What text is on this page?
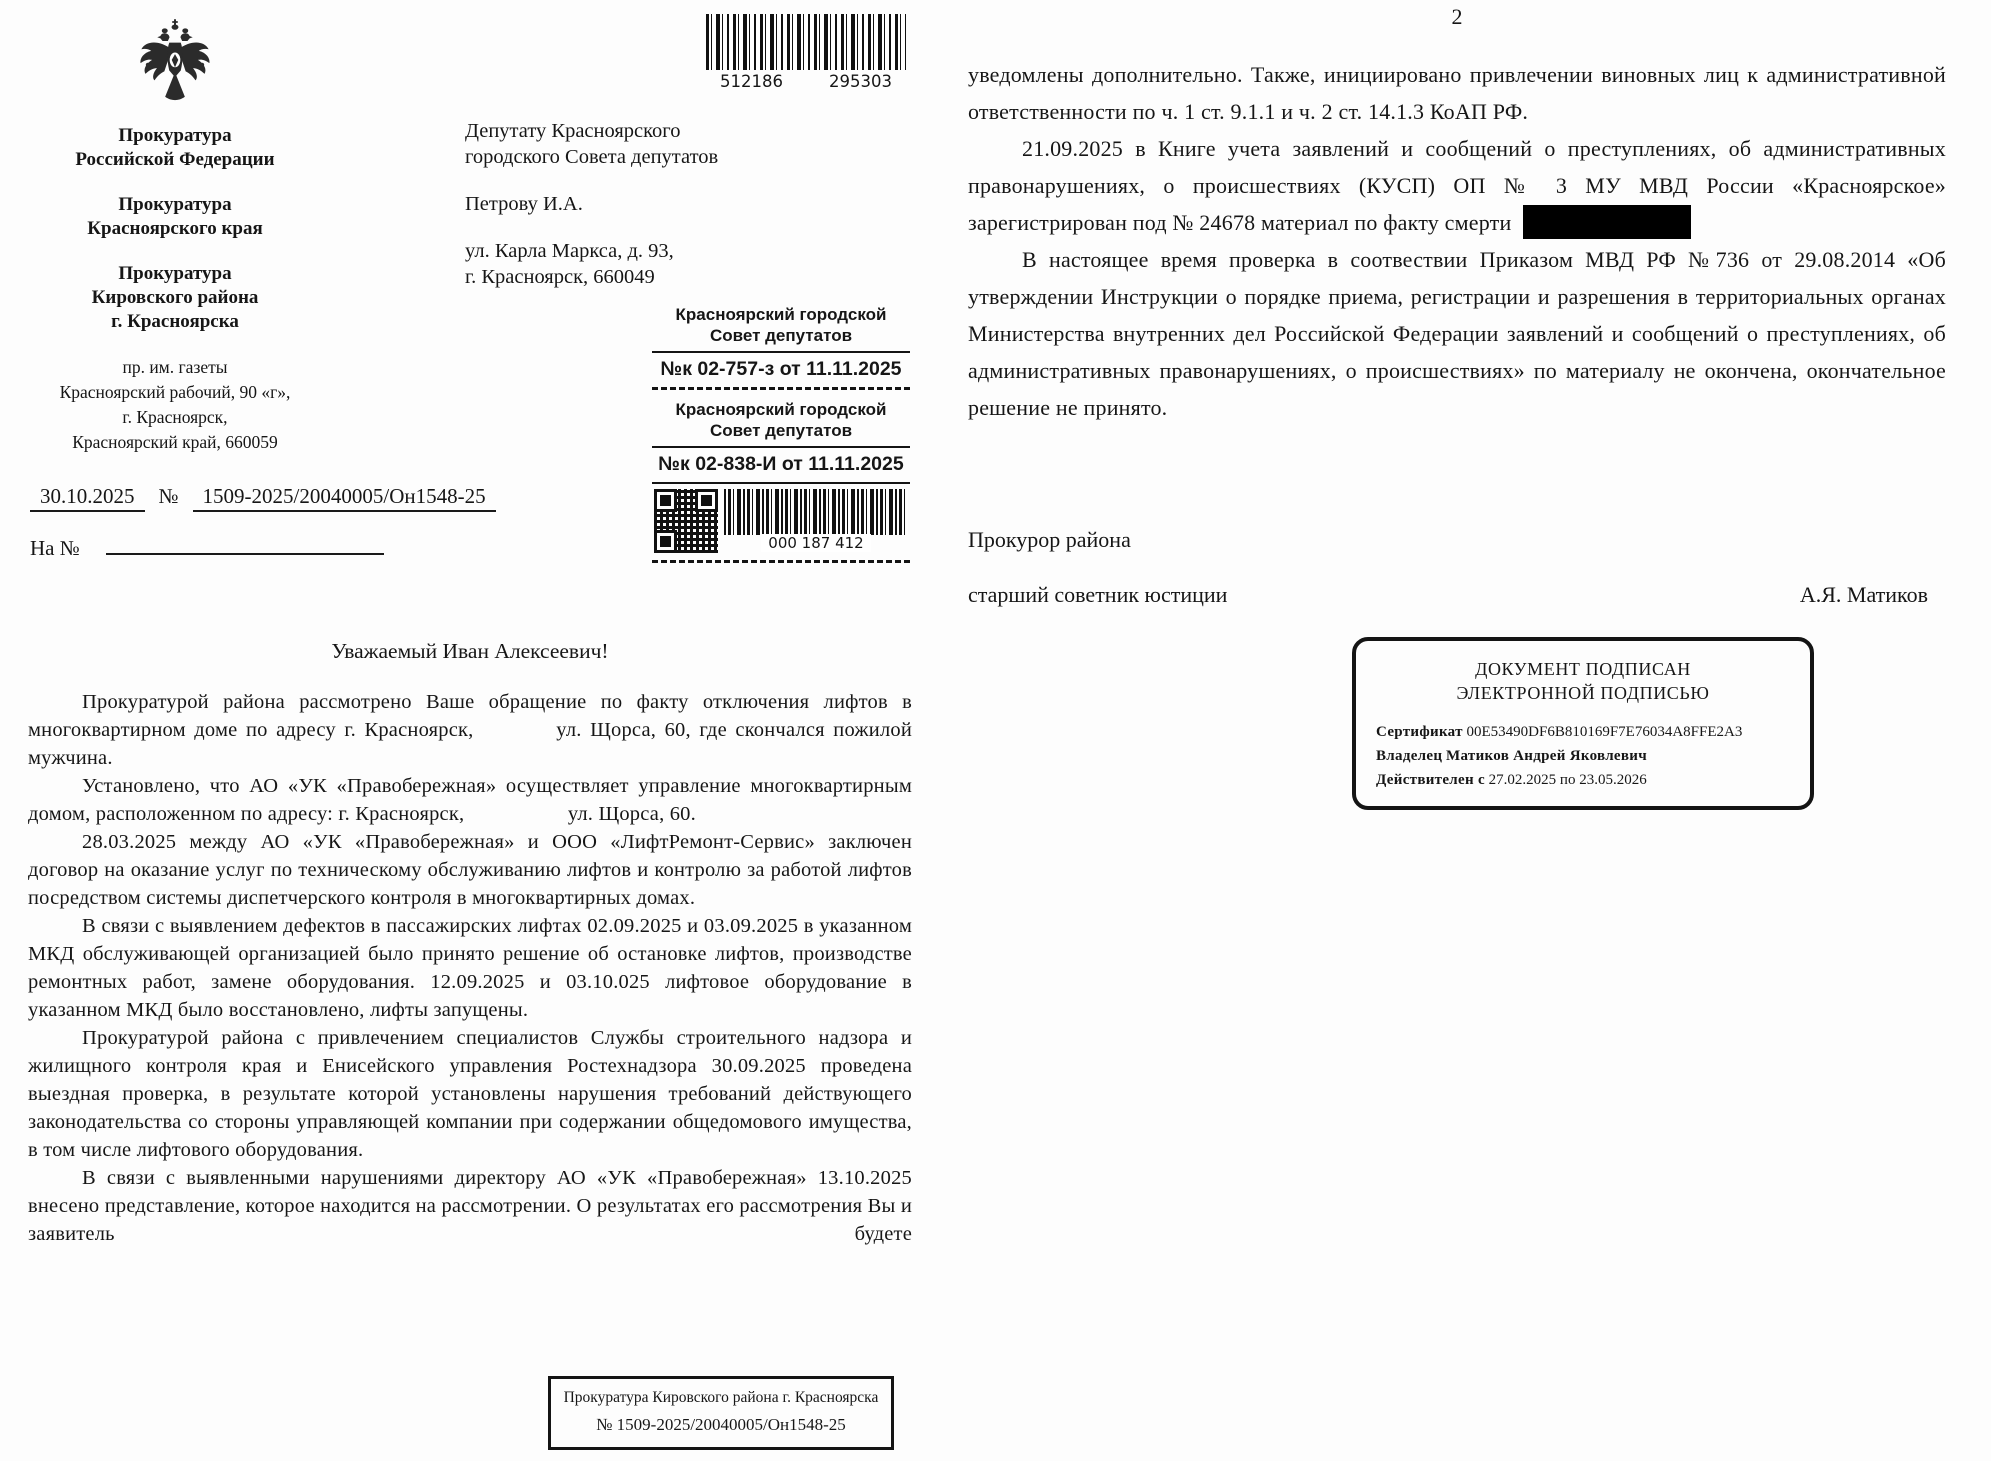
Прокуратура
Российской Федерации
Прокуратура
Красноярского края
Прокуратура
Кировского района
г. Красноярска
пр. им. газеты
Красноярский рабочий, 90 «г»,
г. Красноярск,
Красноярский край, 660059
30.10.2025 № 1509-2025/20040005/Он1548-25
На №
Депутату Красноярского
городского Совета депутатов
Петрову И.А.
ул. Карла Маркса, д. 93,
г. Красноярск, 660049
512186	295303
Красноярский городской
Совет депутатов
№к 02-757-з от 11.11.2025
Красноярский городской
Совет депутатов
№к 02-838-И от 11.11.2025
000 187 412
Уважаемый Иван Алексеевич!

Прокуратурой района рассмотрено Ваше обращение по факту отключения лифтов в многоквартирном доме по адресу г. Красноярск,    ул. Щорса, 60, где скончался пожилой мужчина.

Установлено, что АО «УК «Правобережная» осуществляет управление многоквартирным домом, расположенном по адресу: г. Красноярск,     ул. Щорса, 60.

28.03.2025 между АО «УК «Правобережная» и ООО «ЛифтРемонт-Сервис» заключен договор на оказание услуг по техническому обслуживанию лифтов и контролю за работой лифтов посредством системы диспетчерского контроля в многоквартирных домах.

В связи с выявлением дефектов в пассажирских лифтах 02.09.2025 и 03.09.2025 в указанном МКД обслуживающей организацией было принято решение об остановке лифтов, производстве ремонтных работ, замене оборудования. 12.09.2025 и 03.10.025 лифтовое оборудование в указанном МКД было восстановлено, лифты запущены.

Прокуратурой района с привлечением специалистов Службы строительного надзора и жилищного контроля края и Енисейского управления Ростехнадзора 30.09.2025 проведена выездная проверка, в результате которой установлены нарушения требований действующего законодательства со стороны управляющей компании при содержании общедомового имущества, в том числе лифтового оборудования.

В связи с выявленными нарушениями директору АО «УК «Правобережная» 13.10.2025 внесено представление, которое находится на рассмотрении. О результатах его рассмотрения Вы и заявитель будете

Прокуратура Кировского района г. Красноярска
№ 1509-2025/20040005/Он1548-25
2

уведомлены дополнительно. Также, инициировано привлечении виновных лиц к административной ответственности по ч. 1 ст. 9.1.1 и ч. 2 ст. 14.1.3 КоАП РФ.

21.09.2025 в Книге учета заявлений и сообщений о преступлениях, об административных правонарушениях, о происшествиях (КУСП) ОП № 3 МУ МВД России «Красноярское» зарегистрирован под № 24678 материал по факту смерти

В настоящее время проверка в соотвествии Приказом МВД РФ №736 от 29.08.2014 «Об утверждении Инструкции о порядке приема, регистрации и разрешения в территориальных органах Министерства внутренних дел Российской Федерации заявлений и сообщений о преступлениях, об административных правонарушениях, о происшествиях» по материалу не окончена, окончательное решение не принято.

Прокурор района
старший советник юстиции	А.Я. Матиков
ДОКУМЕНТ ПОДПИСАН
ЭЛЕКТРОННОЙ ПОДПИСЬЮ
Сертификат 00E53490DF6B810169F7E76034A8FFE2A3
Владелец Матиков Андрей Яковлевич
Действителен с 27.02.2025 по 23.05.2026
